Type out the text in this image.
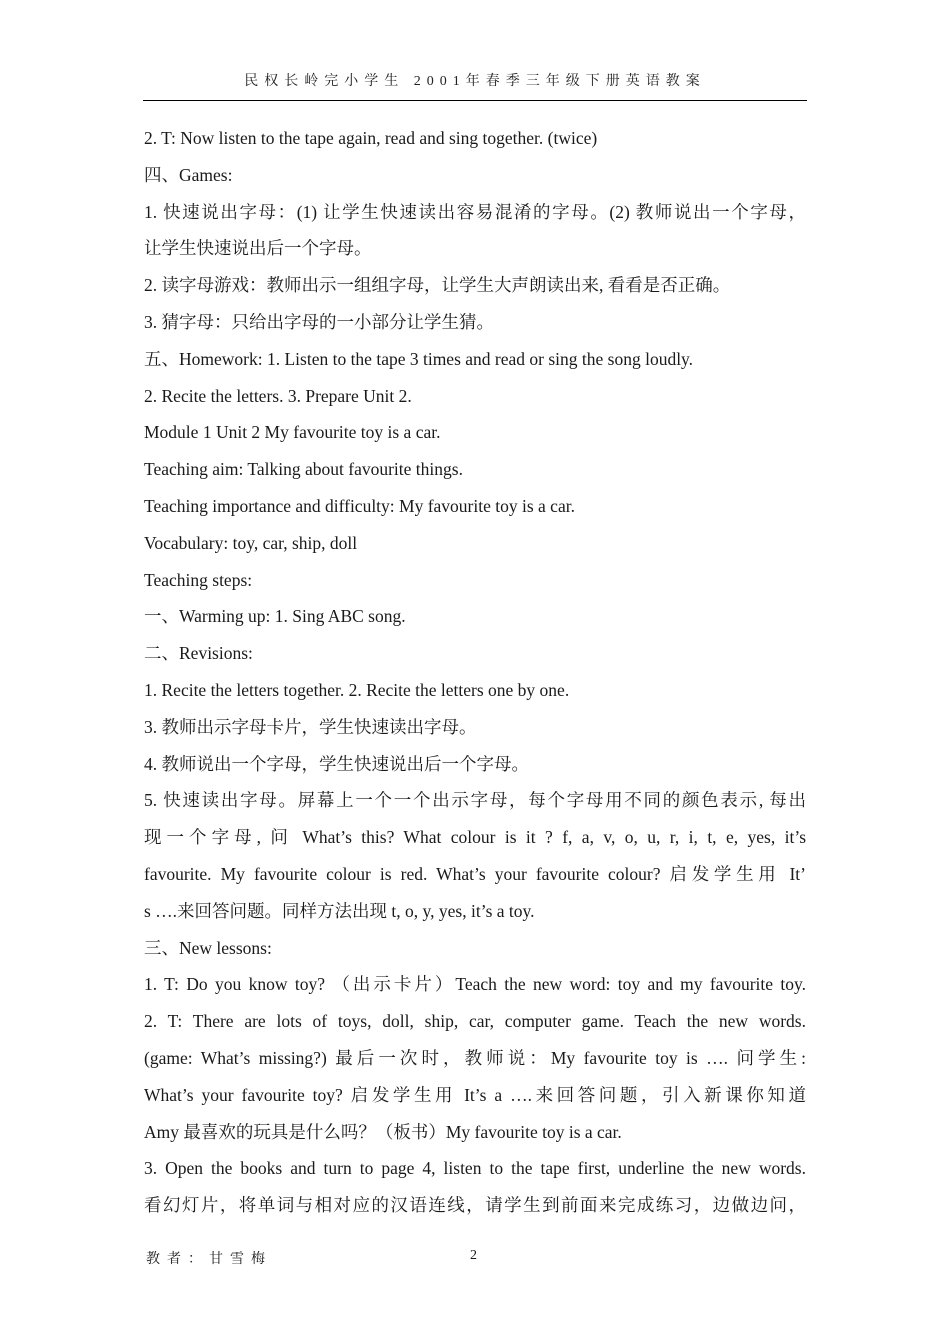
民权长岭完小学生 2001年春季三年级下册英语教案
2. T: Now listen to the tape again, read and sing together. (twice)
四、Games:
1. 快速说出字母：(1) 让学生快速读出容易混淆的字母。(2) 教师说出一个字母，
让学生快速说出后一个字母。
2. 读字母游戏：教师出示一组组字母，让学生大声朗读出来, 看看是否正确。
3. 猜字母：只给出字母的一小部分让学生猜。
五、Homework: 1. Listen to the tape 3 times and read or sing the song loudly.
2. Recite the letters. 3. Prepare Unit 2.
Module 1 Unit 2 My favourite toy is a car.
Teaching aim: Talking about favourite things.
Teaching importance and difficulty: My favourite toy is a car.
Vocabulary: toy, car, ship, doll
Teaching steps:
一、Warming up: 1. Sing ABC song.
二、Revisions:
1. Recite the letters together. 2. Recite the letters one by one.
3. 教师出示字母卡片，学生快速读出字母。
4. 教师说出一个字母，学生快速说出后一个字母。
5. 快速读出字母。屏幕上一个一个出示字母，每个字母用不同的颜色表示, 每出
现一个字母, 问 What’s this? What colour is it ? f, a, v, o, u, r, i, t, e, yes, it’s
favourite. My favourite colour is red. What’s your favourite colour? 启发学生用 It’
s ….来回答问题。同样方法出现 t, o, y, yes, it’s a toy.
三、New lessons:
1. T: Do you know toy? （出示卡片）Teach the new word: toy and my favourite toy.
2. T: There are lots of toys, doll, ship, car, computer game. Teach the new words.
(game: What’s missing?) 最后一次时，教师说：My favourite toy is …. 问学生:
What’s your favourite toy? 启发学生用 It’s a ….来回答问题，引入新课你知道
Amy 最喜欢的玩具是什么吗？（板书）My favourite toy is a car.
3. Open the books and turn to page 4, listen to the tape first, underline the new words.
看幻灯片，将单词与相对应的汉语连线，请学生到前面来完成练习，边做边问，
教者：甘雪梅	2
